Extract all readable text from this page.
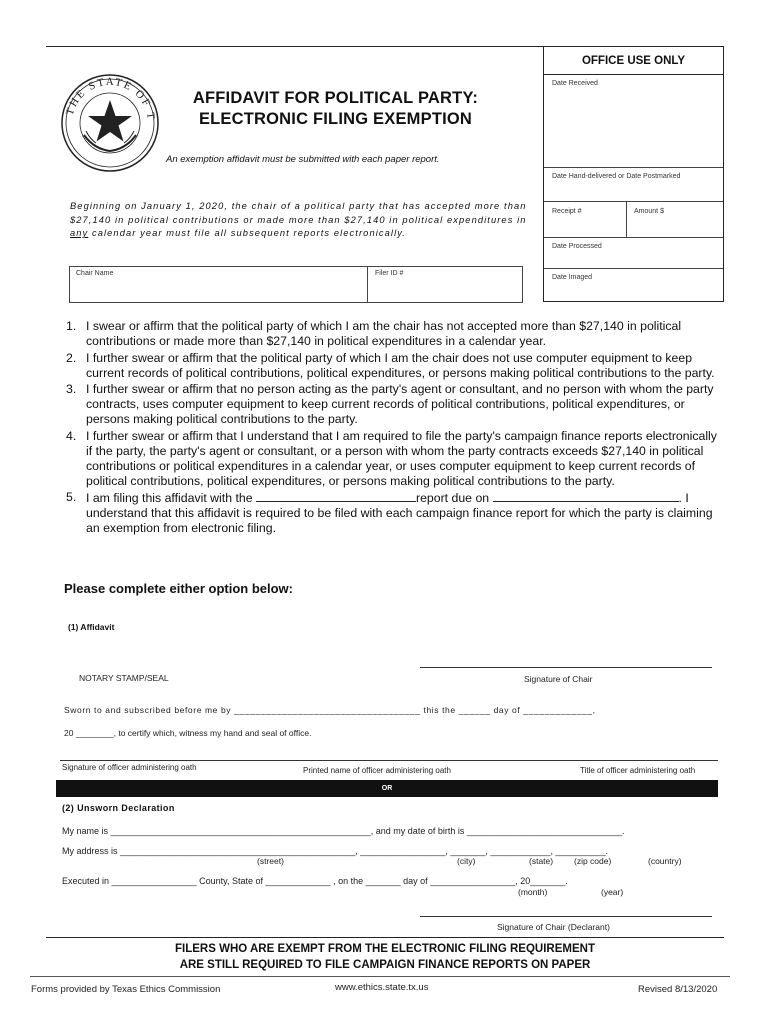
THE STATE OF T
AFFIDAVIT FOR POLITICAL PARTY:
ELECTRONIC FILING EXEMPTION
An exemption affidavit must be submitted with each paper report.
Beginning on January 1, 2020, the chair of a political party that has accepted more than $27,140 in political contributions or made more than $27,140 in political expenditures in any calendar year must file all subsequent reports electronically.
OFFICE USE ONLY
Date Received
Date Hand-delivered or Date Postmarked
Receipt #	Amount $
Date Processed
Date Imaged
Chair Name	Filer ID #
1. I swear or affirm that the political party of which I am the chair has not accepted more than $27,140 in political contributions or made more than $27,140 in political expenditures in a calendar year.
2. I further swear or affirm that the political party of which I am the chair does not use computer equipment to keep current records of political contributions, political expenditures, or persons making political contributions to the party.
3. I further swear or affirm that no person acting as the party's agent or consultant, and no person with whom the party contracts, uses computer equipment to keep current records of political contributions, political expenditures, or persons making political contributions to the party.
4. I further swear or affirm that I understand that I am required to file the party's campaign finance reports electronically if the party, the party's agent or consultant, or a person with whom the party contracts exceeds $27,140 in political contributions or political expenditures in a calendar year, or uses computer equipment to keep current records of political contributions, political expenditures, or persons making political contributions to the party.
5. I am filing this affidavit with the	report due on	. I
understand that this affidavit is required to be filed with each campaign finance report for which the party is claiming an exemption from electronic filing.
Please complete either option below:
(1) Affidavit
NOTARY STAMP/SEAL	Signature of Chair
Sworn to and subscribed before me by ___________________________________ this the ______ day of _____________,
20 ________, to certify which, witness my hand and seal of office.
Signature of officer administering oath	Printed name of officer administering oath	Title of officer administering oath
OR
(2) Unsworn Declaration
My name is ____________________________________________________, and my date of birth is _______________________________.
My address is _______________________________________________, _________________, _______, ____________, __________.
(street)	(city)	(state) (zip code)	(country)
Executed in _________________ County, State of _____________ , on the _______ day of _________________, 20_______.
(month)	(year)
Signature of Chair (Declarant)
FILERS WHO ARE EXEMPT FROM THE ELECTRONIC FILING REQUIREMENT
ARE STILL REQUIRED TO FILE CAMPAIGN FINANCE REPORTS ON PAPER
Forms provided by Texas Ethics Commission	www.ethics.state.tx.us	Revised 8/13/2020
